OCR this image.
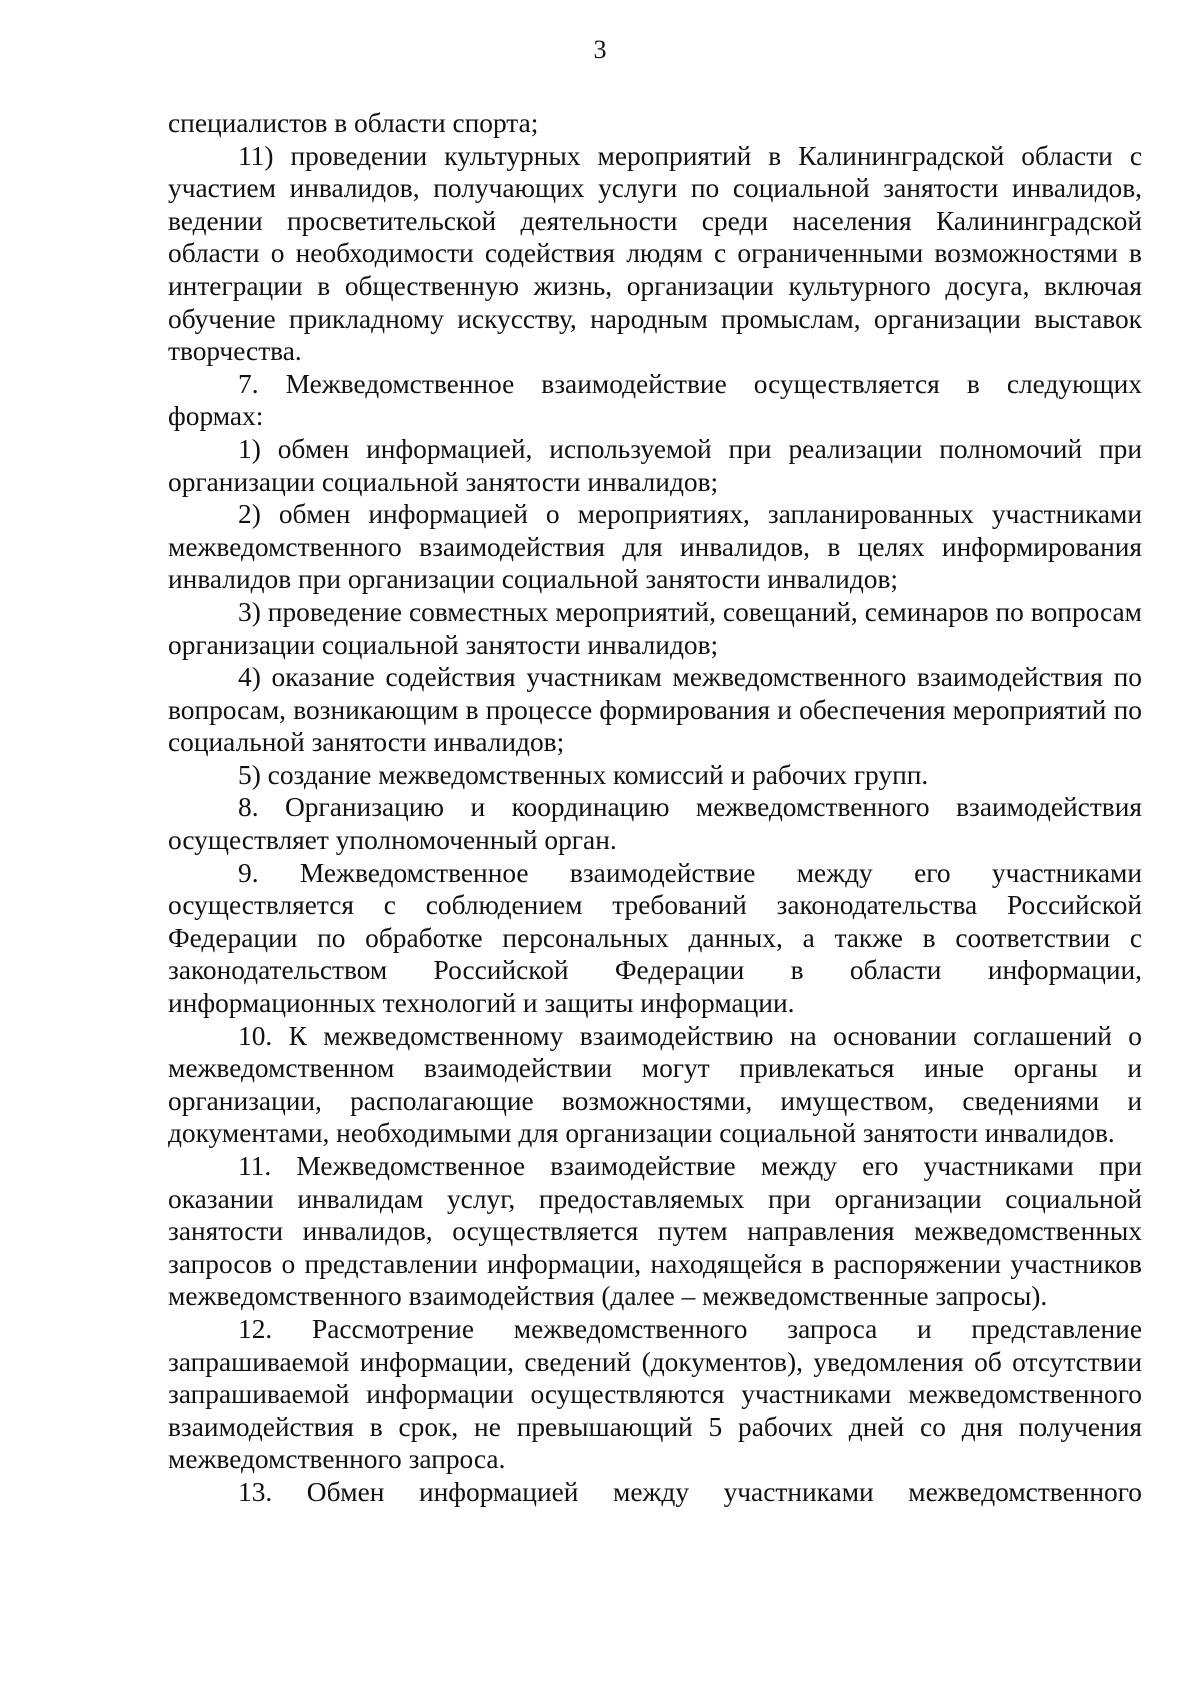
3

специалистов в области спорта;

11) проведении культурных мероприятий в Калининградской области с участием инвалидов, получающих услуги по социальной занятости инвалидов, ведении просветительской деятельности среди населения Калининградской области о необходимости содействия людям с ограниченными возможностями в интеграции в общественную жизнь, организации культурного досуга, включая обучение прикладному искусству, народным промыслам, организации выставок творчества.

7. Межведомственное взаимодействие осуществляется в следующих формах:

1) обмен информацией, используемой при реализации полномочий при организации социальной занятости инвалидов;

2) обмен информацией о мероприятиях, запланированных участниками межведомственного взаимодействия для инвалидов, в целях информирования инвалидов при организации социальной занятости инвалидов;

3) проведение совместных мероприятий, совещаний, семинаров по вопросам организации социальной занятости инвалидов;

4) оказание содействия участникам межведомственного взаимодействия по вопросам, возникающим в процессе формирования и обеспечения мероприятий по социальной занятости инвалидов;

5) создание межведомственных комиссий и рабочих групп.

8. Организацию и координацию межведомственного взаимодействия осуществляет уполномоченный орган.

9. Межведомственное взаимодействие между его участниками осуществляется с соблюдением требований законодательства Российской Федерации по обработке персональных данных, а также в соответствии с законодательством Российской Федерации в области информации, информационных технологий и защиты информации.

10. К межведомственному взаимодействию на основании соглашений о межведомственном взаимодействии могут привлекаться иные органы и организации, располагающие возможностями, имуществом, сведениями и документами, необходимыми для организации социальной занятости инвалидов.

11. Межведомственное взаимодействие между его участниками при оказании инвалидам услуг, предоставляемых при организации социальной занятости инвалидов, осуществляется путем направления межведомственных запросов о представлении информации, находящейся в распоряжении участников межведомственного взаимодействия (далее – межведомственные запросы).

12. Рассмотрение межведомственного запроса и представление запрашиваемой информации, сведений (документов), уведомления об отсутствии запрашиваемой информации осуществляются участниками межведомственного взаимодействия в срок, не превышающий 5 рабочих дней со дня получения межведомственного запроса.

13. Обмен информацией между участниками межведомственного
